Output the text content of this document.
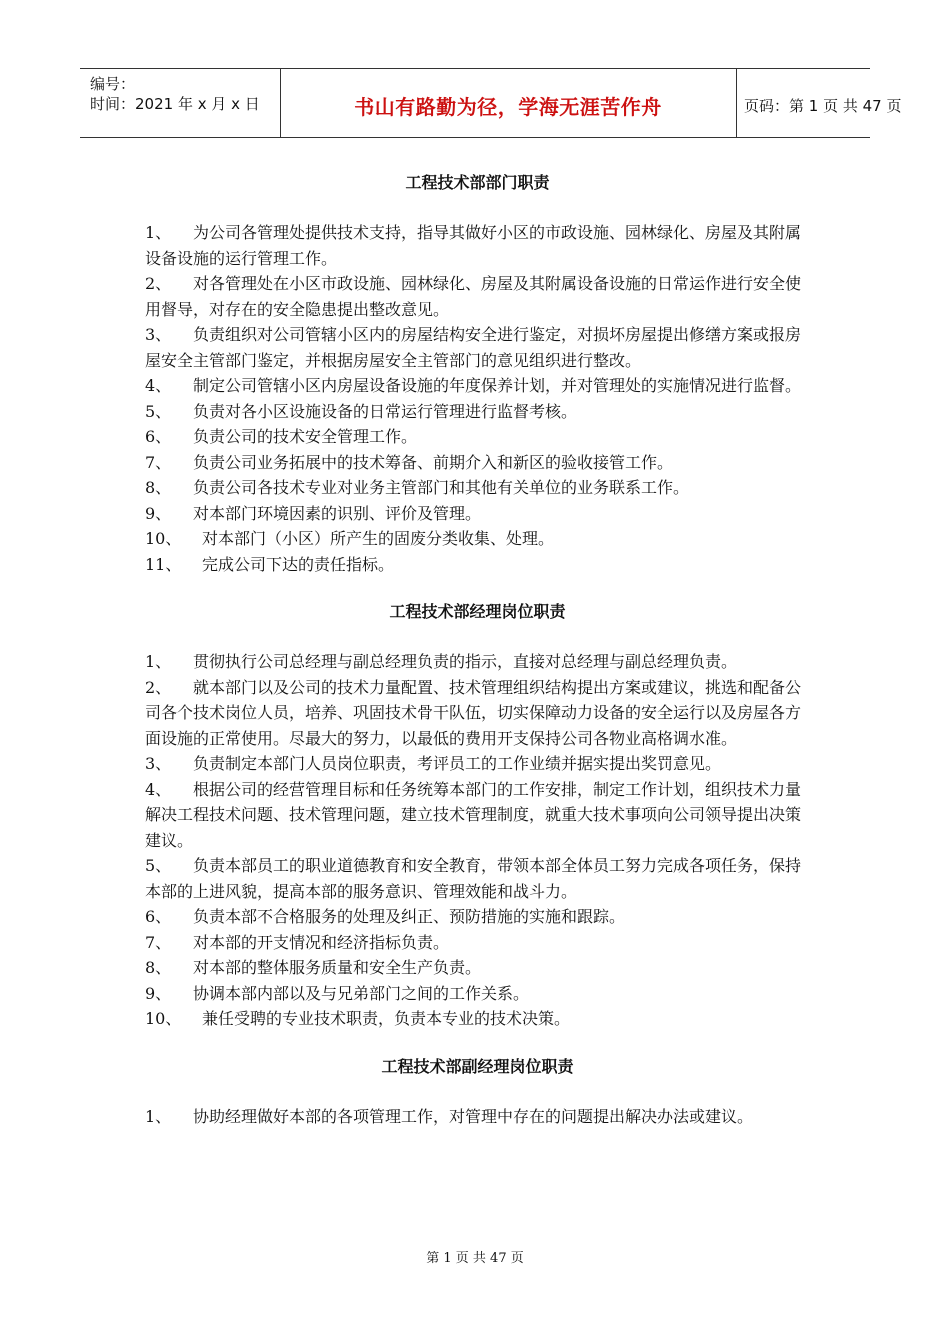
编号：
时间：2021 年 x 月 x 日	书山有路勤为径，学海无涯苦作舟	页码：第 1 页 共 47 页
工程技术部部门职责
1、 为公司各管理处提供技术支持，指导其做好小区的市政设施、园林绿化、房屋及其附属设备设施的运行管理工作。
2、 对各管理处在小区市政设施、园林绿化、房屋及其附属设备设施的日常运作进行安全使用督导，对存在的安全隐患提出整改意见。
3、 负责组织对公司管辖小区内的房屋结构安全进行鉴定，对损坏房屋提出修缮方案或报房屋安全主管部门鉴定，并根据房屋安全主管部门的意见组织进行整改。
4、 制定公司管辖小区内房屋设备设施的年度保养计划，并对管理处的实施情况进行监督。
5、 负责对各小区设施设备的日常运行管理进行监督考核。
6、 负责公司的技术安全管理工作。
7、 负责公司业务拓展中的技术筹备、前期介入和新区的验收接管工作。
8、 负责公司各技术专业对业务主管部门和其他有关单位的业务联系工作。
9、 对本部门环境因素的识别、评价及管理。
10、 对本部门（小区）所产生的固废分类收集、处理。
11、 完成公司下达的责任指标。
工程技术部经理岗位职责
1、 贯彻执行公司总经理与副总经理负责的指示，直接对总经理与副总经理负责。
2、 就本部门以及公司的技术力量配置、技术管理组织结构提出方案或建议，挑选和配备公司各个技术岗位人员，培养、巩固技术骨干队伍，切实保障动力设备的安全运行以及房屋各方面设施的正常使用。尽最大的努力，以最低的费用开支保持公司各物业高格调水准。
3、 负责制定本部门人员岗位职责，考评员工的工作业绩并据实提出奖罚意见。
4、 根据公司的经营管理目标和任务统筹本部门的工作安排，制定工作计划，组织技术力量解决工程技术问题、技术管理问题，建立技术管理制度，就重大技术事项向公司领导提出决策建议。
5、 负责本部员工的职业道德教育和安全教育，带领本部全体员工努力完成各项任务，保持本部的上进风貌，提高本部的服务意识、管理效能和战斗力。
6、 负责本部不合格服务的处理及纠正、预防措施的实施和跟踪。
7、 对本部的开支情况和经济指标负责。
8、 对本部的整体服务质量和安全生产负责。
9、 协调本部内部以及与兄弟部门之间的工作关系。
10、 兼任受聘的专业技术职责，负责本专业的技术决策。
工程技术部副经理岗位职责
1、 协助经理做好本部的各项管理工作，对管理中存在的问题提出解决办法或建议。
第 1 页 共 47 页
